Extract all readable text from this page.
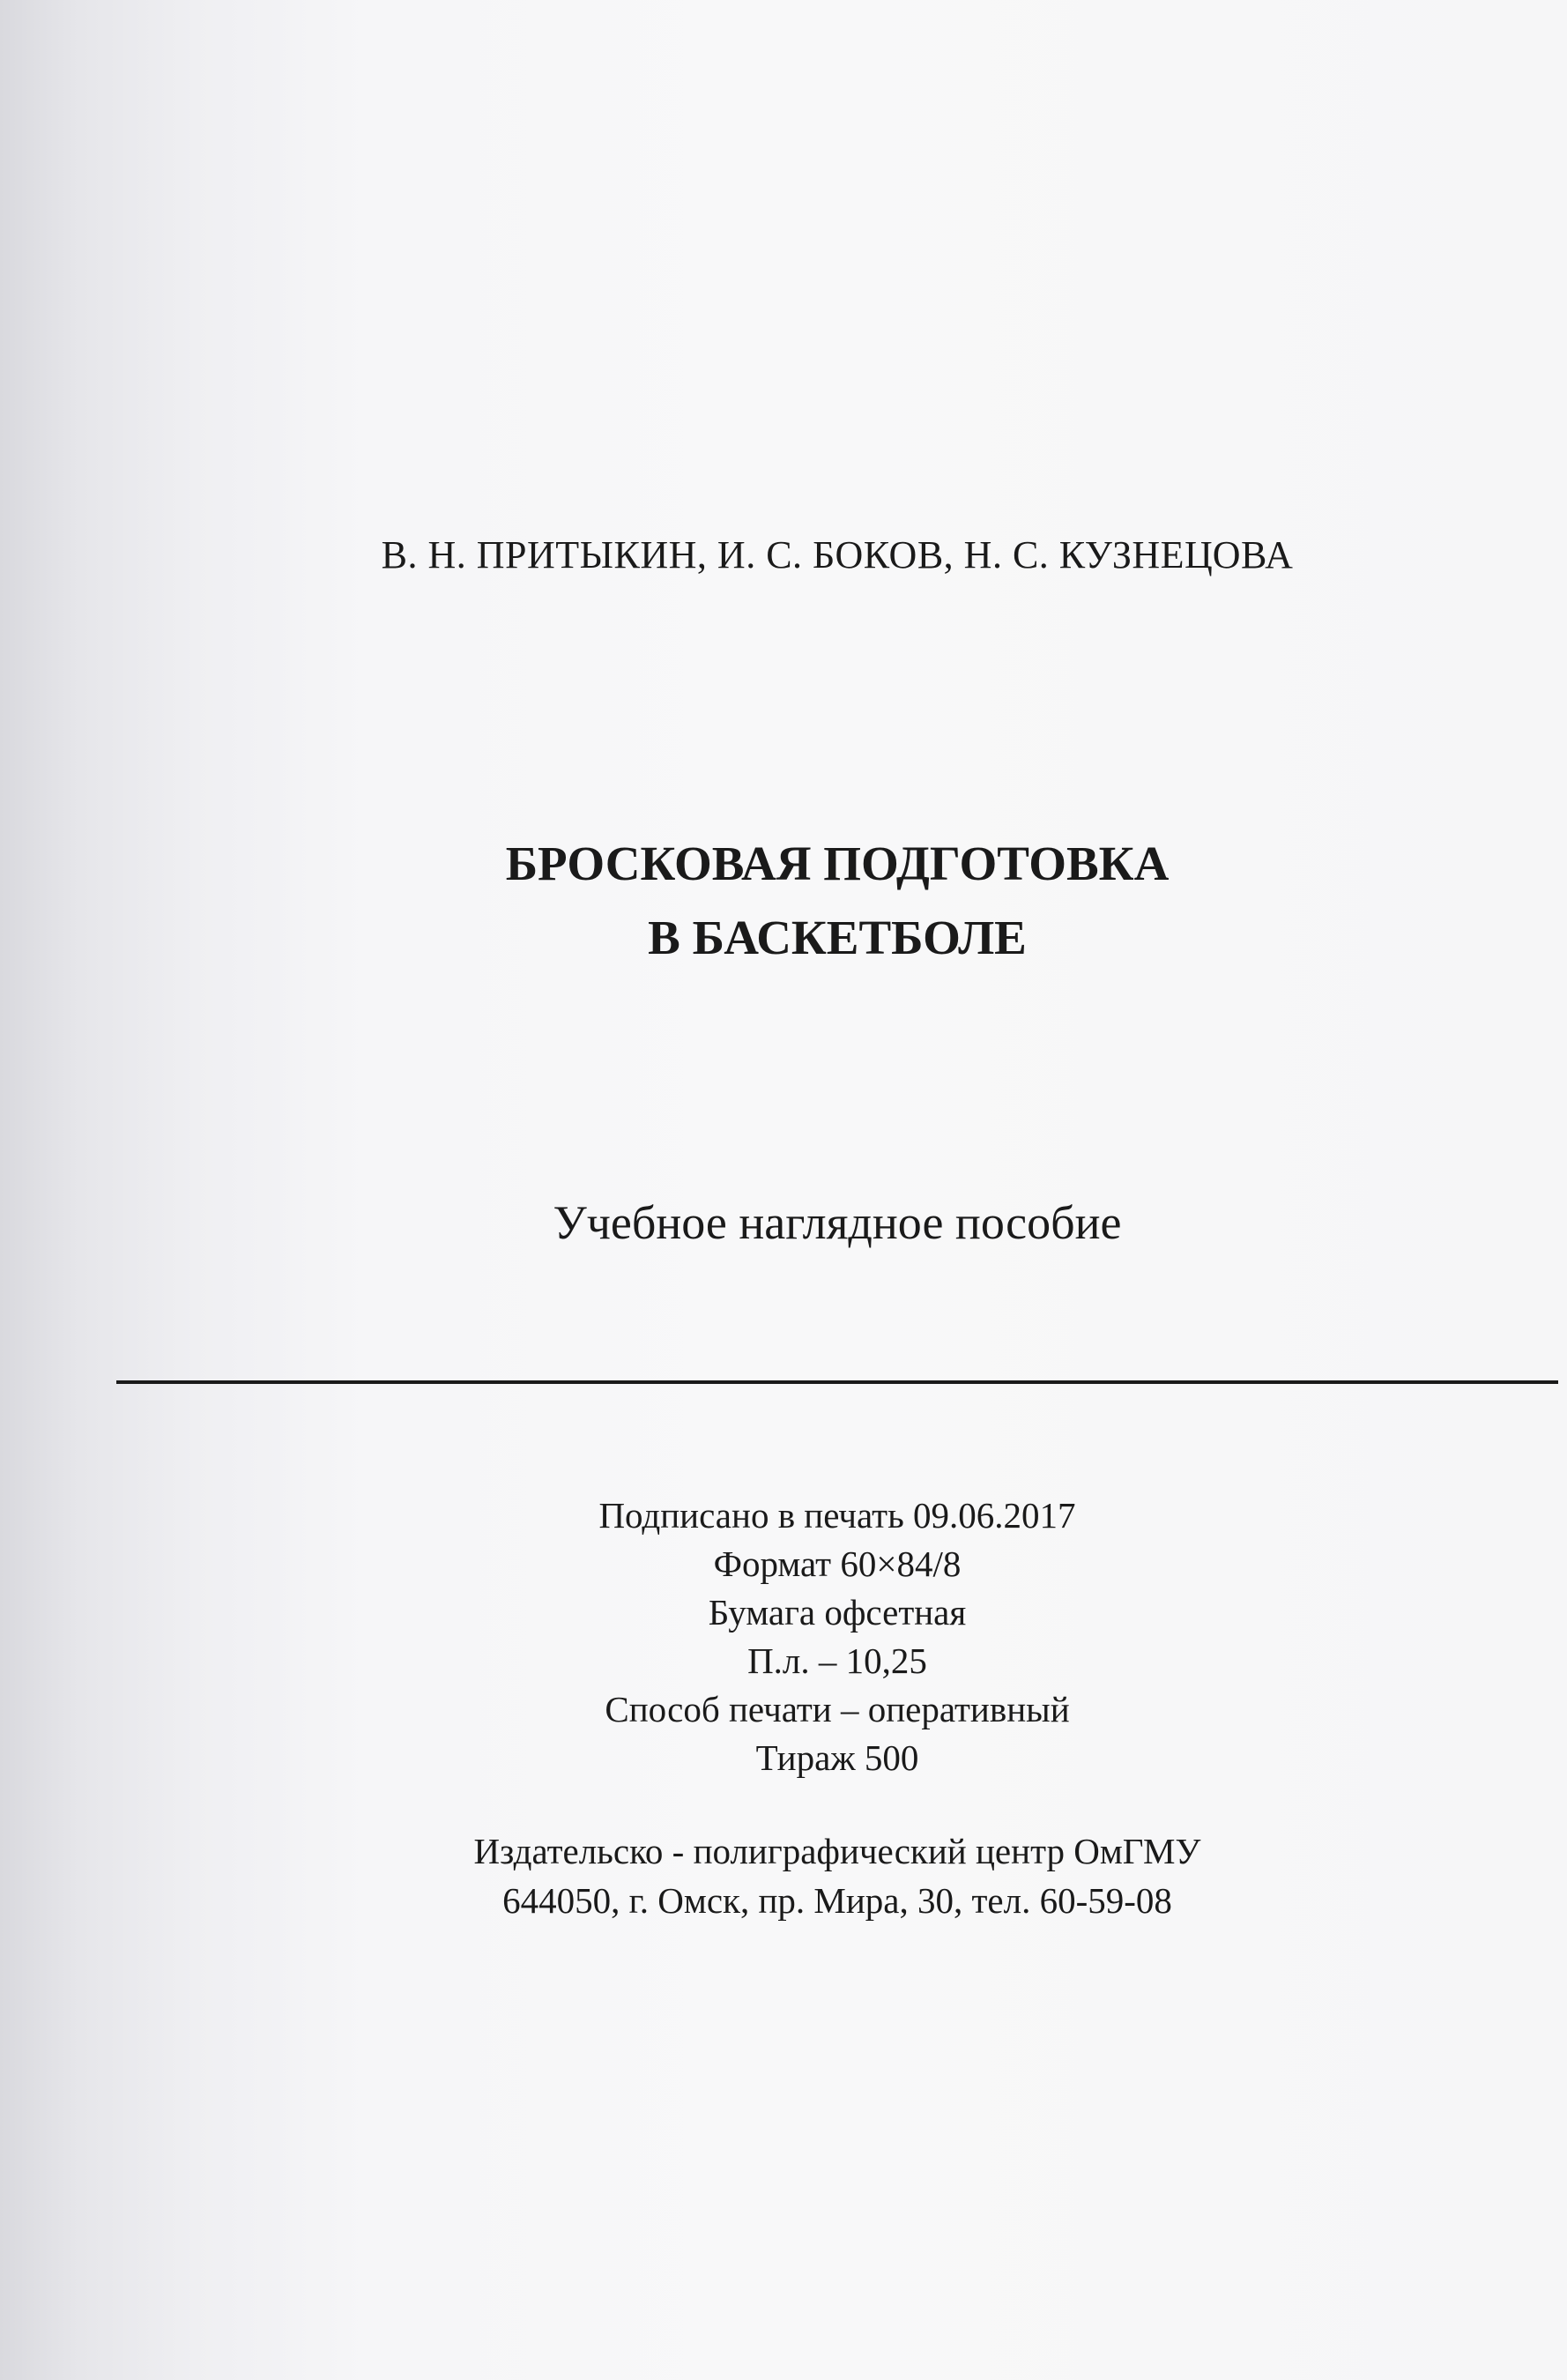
В. Н. ПРИТЫКИН, И. С. БОКОВ, Н. С. КУЗНЕЦОВА
БРОСКОВАЯ ПОДГОТОВКА
В БАСКЕТБОЛЕ
Учебное наглядное пособие
Подписано в печать 09.06.2017
Формат 60×84/8
Бумага офсетная
П.л. – 10,25
Способ печати – оперативный
Тираж 500
Издательско - полиграфический центр ОмГМУ
644050, г. Омск, пр. Мира, 30, тел. 60-59-08
